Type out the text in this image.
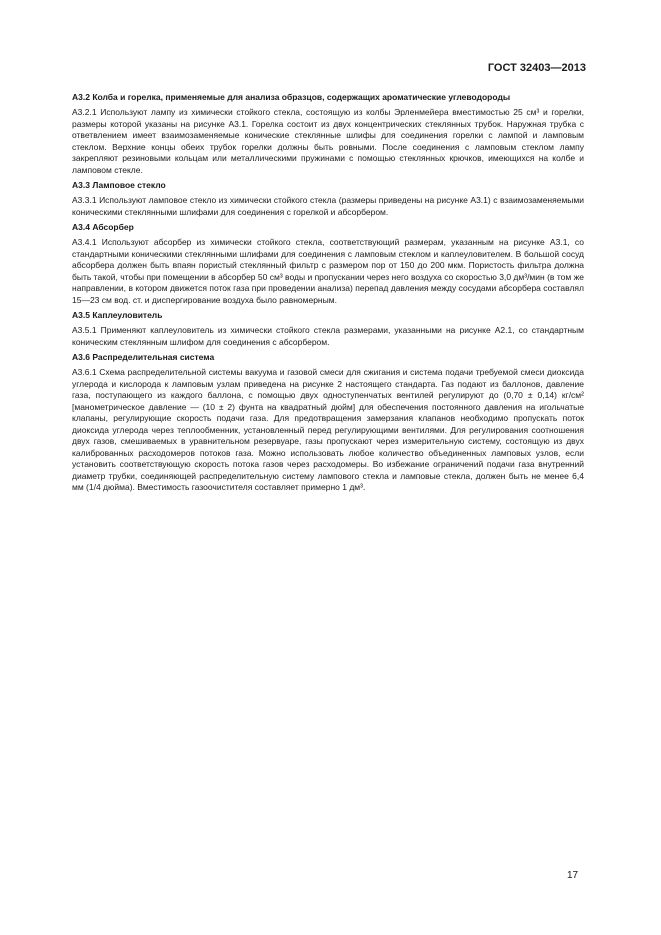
ГОСТ 32403—2013
А3.2 Колба и горелка, применяемые для анализа образцов, содержащих ароматические углеводороды

А3.2.1 Используют лампу из химически стойкого стекла, состоящую из колбы Эрленмейера вместимостью 25 см³ и горелки, размеры которой указаны на рисунке А3.1. Горелка состоит из двух концентрических стеклянных трубок. Наружная трубка с ответвлением имеет взаимозаменяемые конические стеклянные шлифы для соединения горелки с лампой и ламповым стеклом. Верхние концы обеих трубок горелки должны быть ровными. После соединения с ламповым стеклом лампу закрепляют резиновыми кольцам или металлическими пружинами с помощью стеклянных крючков, имеющихся на колбе и ламповом стекле.

А3.3 Ламповое стекло

А3.3.1 Используют ламповое стекло из химически стойкого стекла (размеры приведены на рисунке А3.1) с взаимозаменяемыми коническими стеклянными шлифами для соединения с горелкой и абсорбером.

А3.4 Абсорбер

А3.4.1 Используют абсорбер из химически стойкого стекла, соответствующий размерам, указанным на рисунке А3.1, со стандартными коническими стеклянными шлифами для соединения с ламповым стеклом и каплеуловителем. В большой сосуд абсорбера должен быть впаян пористый стеклянный фильтр с размером пор от 150 до 200 мкм. Пористость фильтра должна быть такой, чтобы при помещении в абсорбер 50 см³ воды и пропускании через него воздуха со скоростью 3,0 дм³/мин (в том же направлении, в котором движется поток газа при проведении анализа) перепад давления между сосудами абсорбера составлял 15—23 см вод. ст. и диспергирование воздуха было равномерным.

А3.5 Каплеуловитель

А3.5.1 Применяют каплеуловитель из химически стойкого стекла размерами, указанными на рисунке А2.1, со стандартным коническим стеклянным шлифом для соединения с абсорбером.

А3.6 Распределительная система

А3.6.1 Схема распределительной системы вакуума и газовой смеси для сжигания и система подачи требуемой смеси диоксида углерода и кислорода к ламповым узлам приведена на рисунке 2 настоящего стандарта. Газ подают из баллонов, давление газа, поступающего из каждого баллона, с помощью двух одноступенчатых вентилей регулируют до (0,70 ± 0,14) кг/см² [манометрическое давление — (10 ± 2) фунта на квадратный дюйм] для обеспечения постоянного давления на игольчатые клапаны, регулирующие скорость подачи газа. Для предотвращения замерзания клапанов необходимо пропускать поток диоксида углерода через теплообменник, установленный перед регулирующими вентилями. Для регулирования соотношения двух газов, смешиваемых в уравнительном резервуаре, газы пропускают через измерительную систему, состоящую из двух калиброванных расходомеров потоков газа. Можно использовать любое количество объединенных ламповых узлов, если установить соответствующую скорость потока газов через расходомеры. Во избежание ограничений подачи газа внутренний диаметр трубки, соединяющей распределительную систему лампового стекла и ламповые стекла, должен быть не менее 6,4 мм (1/4 дюйма). Вместимость газоочистителя составляет примерно 1 дм³.

17
